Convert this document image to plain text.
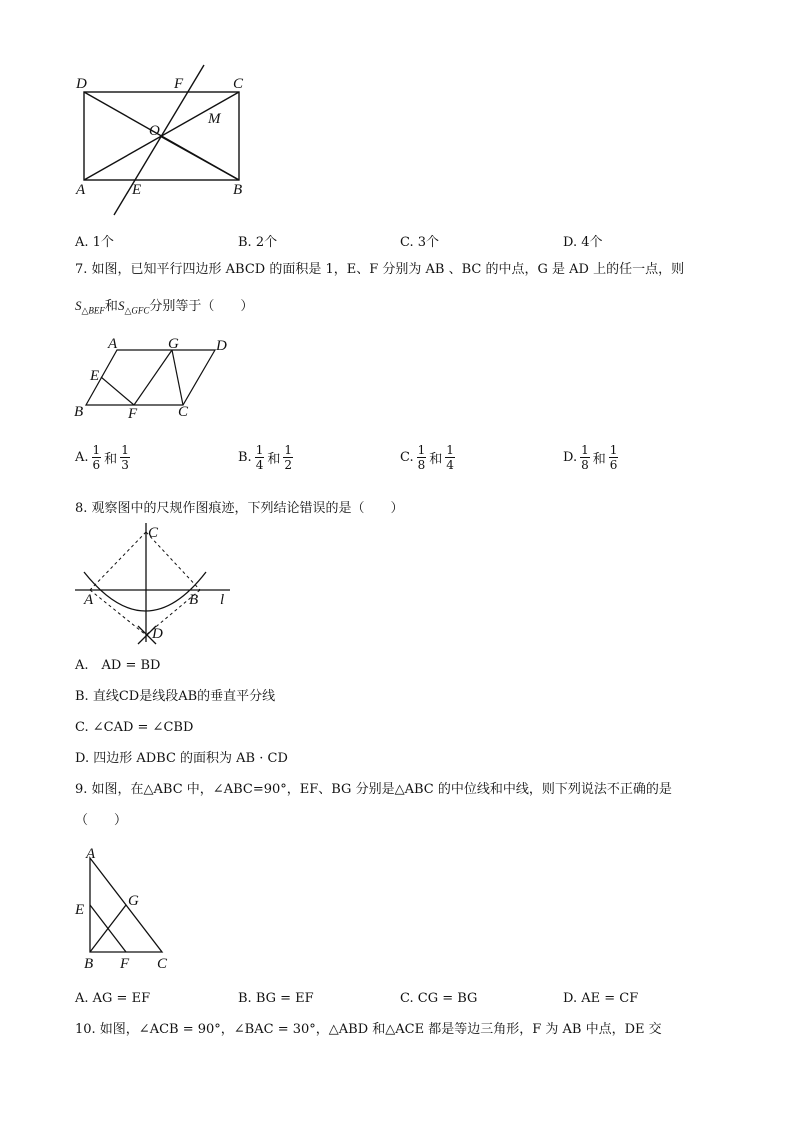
D	F	C
O
M
A	E	B
A. 1个	B. 2个	C. 3个	D. 4个
7. 如图，已知平行四边形 ABCD 的面积是 1，E、F 分别为 AB 、BC 的中点，G 是 AD 上的任一点，则
$S_{\triangle BEF}$和$S_{\triangle GFC}$分别等于（　　）
A	G D
E
B	F	C
A. $\frac{1}{6}$ 和 $\frac{1}{3}$	B. $\frac{1}{4}$ 和 $\frac{1}{2}$	C. $\frac{1}{8}$ 和 $\frac{1}{4}$	D. $\frac{1}{8}$ 和 $\frac{1}{6}$
8. 观察图中的尺规作图痕迹，下列结论错误的是（　　）
C
A	B l
D
A.　AD = BD
B. 直线CD是线段AB的垂直平分线
C. ∠CAD = ∠CBD
D. 四边形 ADBC 的面积为 AB · CD
9. 如图，在△ABC 中，∠ABC=90°，EF、BG 分别是△ABC 的中位线和中线，则下列说法不正确的是
（　　）
A
G
E
B F C
A. AG = EF	B. BG = EF	C. CG = BG	D. AE = CF
10. 如图，∠ACB = 90°，∠BAC = 30°，△ABD 和△ACE 都是等边三角形，F 为 AB 中点，DE 交
